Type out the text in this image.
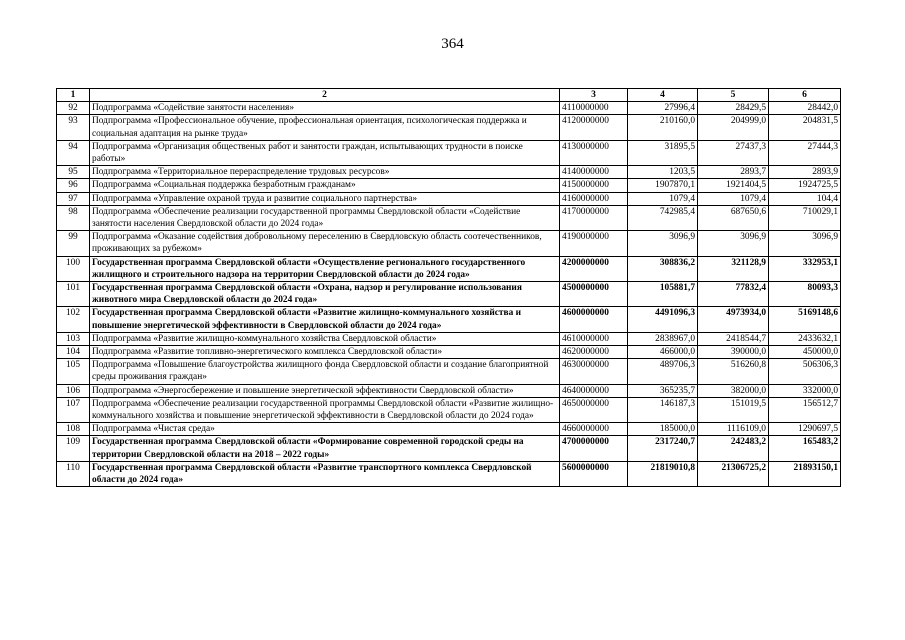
364
1	2	3	4	5	6
92	Подпрограмма «Содействие занятости населения»	4110000000	27996,4	28429,5	28442,0
93	Подпрограмма «Профессиональное обучение, профессиональная ориентация, психологическая поддержка и социальная адаптация на рынке труда»	4120000000	210160,0	204999,0	204831,5
94	Подпрограмма «Организация общественых работ и занятости граждан, испытывающих трудности в поиске работы»	4130000000	31895,5	27437,3	27444,3
95	Подпрограмма «Территориальное перераспределение трудовых ресурсов»	4140000000	1203,5	2893,7	2893,9
96	Подпрограмма «Социальная поддержка безработным гражданам»	4150000000	1907870,1	1921404,5	1924725,5
97	Подпрограмма «Управление охраной труда и развитие социального партнерства»	4160000000	1079,4	1079,4	104,4
98	Подпрограмма «Обеспечение реализации государственной программы Свердловской области «Содействие занятости населения Свердловской области до 2024 года»	4170000000	742985,4	687650,6	710029,1
99	Подпрограмма «Оказание содействия добровольному переселению в Свердловскую область соотечественников, проживающих за рубежом»	4190000000	3096,9	3096,9	3096,9
100	Государственная программа Свердловской области «Осуществление регионального государственного жилищного и строительного надзора на территории Свердловской области до 2024 года»	4200000000	308836,2	321128,9	332953,1
101	Государственная программа Свердловской области «Охрана, надзор и регулирование использования животного мира Свердловской области до 2024 года»	4500000000	105881,7	77832,4	80093,3
102	Государственная программа Свердловской области «Развитие жилищно-коммунального хозяйства и повышение энергетической эффективности в Свердловской области до 2024 года»	4600000000	4491096,3	4973934,0	5169148,6
103	Подпрограмма «Развитие жилищно-коммунального хозяйства Свердловской области»	4610000000	2838967,0	2418544,7	2433632,1
104	Подпрограмма «Развитие топливно-энергетического комплекса Свердловской области»	4620000000	466000,0	390000,0	450000,0
105	Подпрограмма «Повышение благоустройства жилищного фонда Свердловской области и создание благоприятной среды проживания граждан»	4630000000	489706,3	516260,8	506306,3
106	Подпрограмма «Энергосбережение и повышение энергетической эффективности Свердловской области»	4640000000	365235,7	382000,0	332000,0
107	Подпрограмма «Обеспечение реализации государственной программы Свердловской области «Развитие жилищно-коммунального хозяйства и повышение энергетической эффективности в Свердловской области до 2024 года»	4650000000	146187,3	151019,5	156512,7
108	Подпрограмма «Чистая среда»	4660000000	185000,0	1116109,0	1290697,5
109	Государственная программа Свердловской области «Формирование современной городской среды на территории Свердловской области на 2018 – 2022 годы»	4700000000	2317240,7	242483,2	165483,2
110	Государственная программа Свердловской области «Развитие транспортного комплекса Свердловской области до 2024 года»	5600000000	21819010,8	21306725,2	21893150,1
